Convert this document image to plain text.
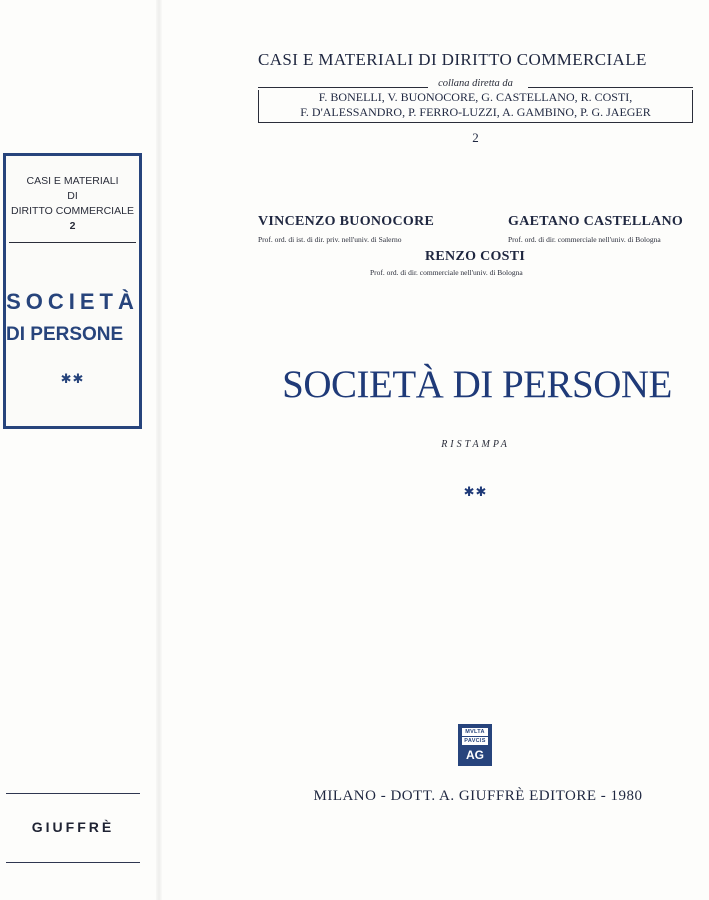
CASI E MATERIALI
DI
DIRITTO COMMERCIALE
2
SOCIETÀ
DI PERSONE
✱✱
GIUFFRÈ
CASI E MATERIALI DI DIRITTO COMMERCIALE
collana diretta da
F. BONELLI, V. BUONOCORE, G. CASTELLANO, R. COSTI,
F. D'ALESSANDRO, P. FERRO-LUZZI, A. GAMBINO, P. G. JAEGER
2
VINCENZO BUONOCORE
Prof. ord. di ist. di dir. priv. nell'univ. di Salerno
GAETANO CASTELLANO
Prof. ord. di dir. commerciale nell'univ. di Bologna
RENZO COSTI
Prof. ord. di dir. commerciale nell'univ. di Bologna
SOCIETÀ DI PERSONE
RISTAMPA
✱✱
MVLTA
PAVCIS
AG
MILANO - DOTT. A. GIUFFRÈ EDITORE - 1980
